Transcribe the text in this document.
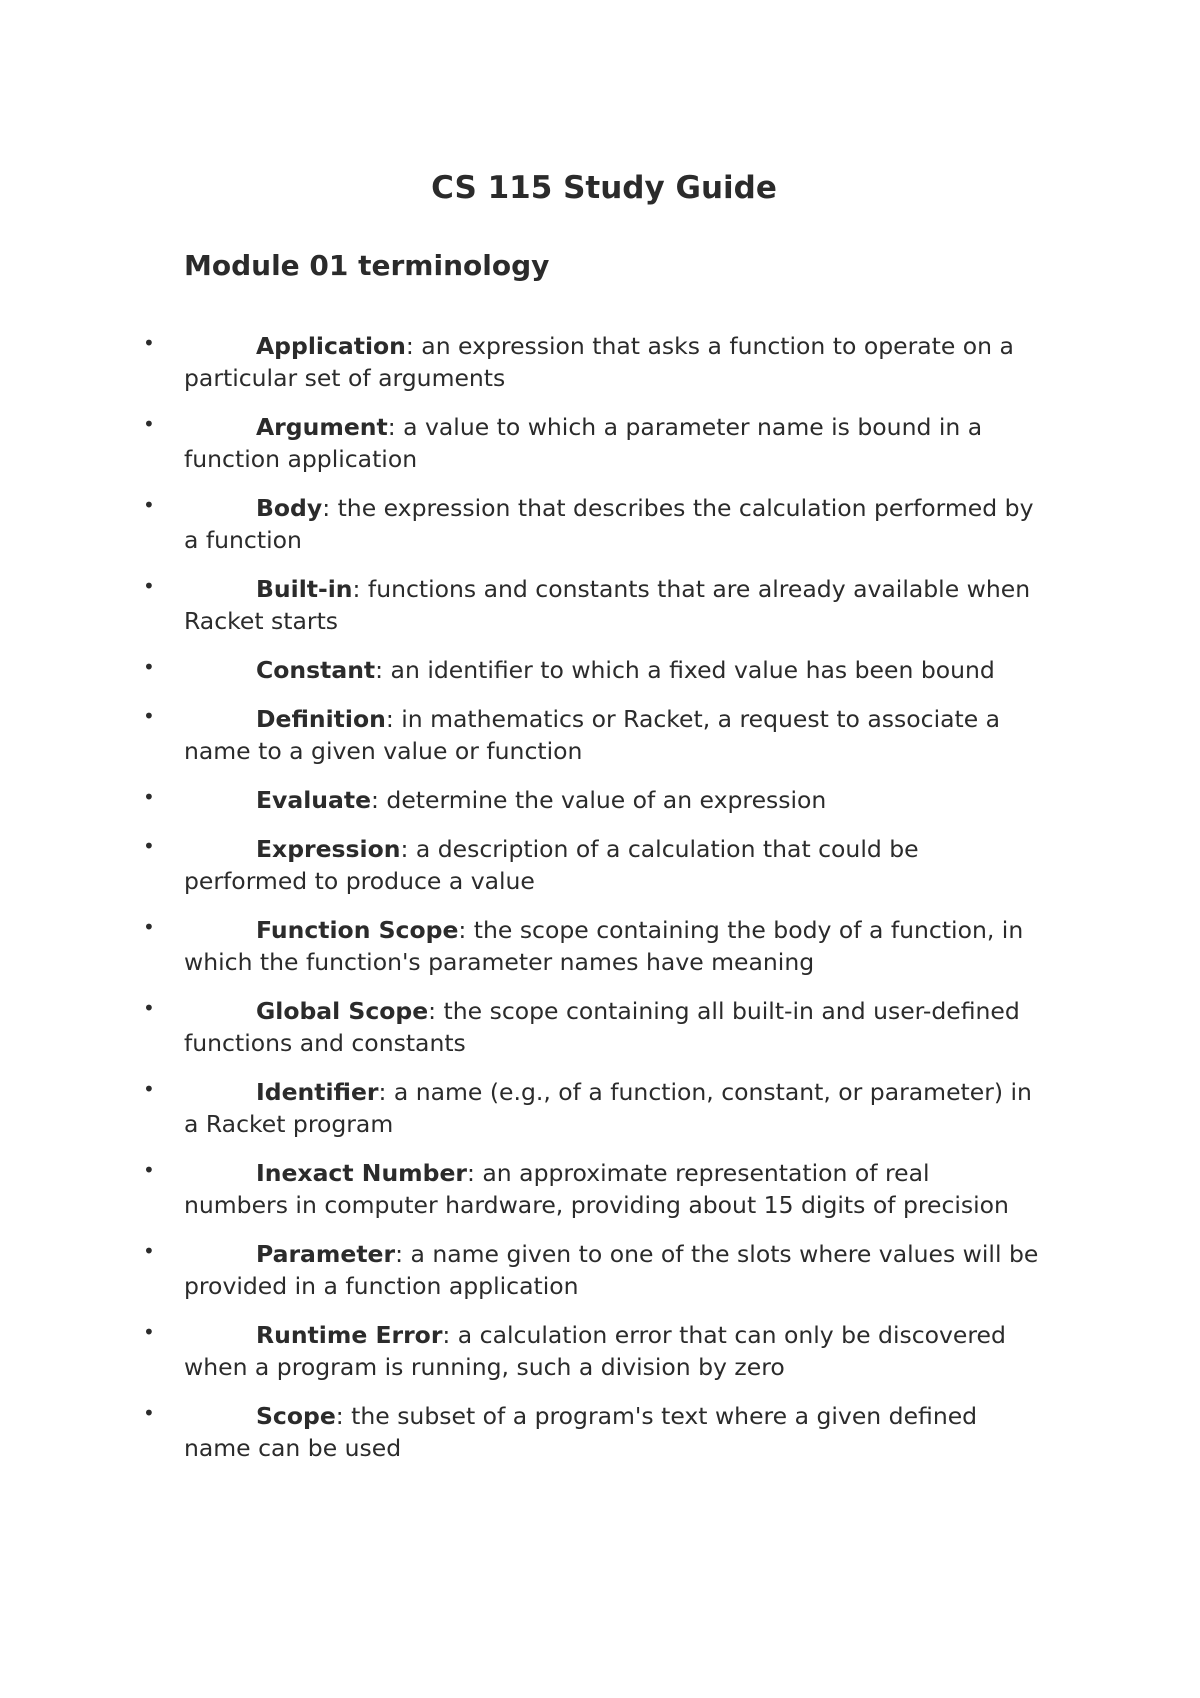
CS 115 Study Guide
Module 01 terminology
•	Application: an expression that asks a function to operate on a particular set of arguments
•	Argument: a value to which a parameter name is bound in a function application
•	Body: the expression that describes the calculation performed by a function
•	Built-in: functions and constants that are already available when Racket starts
•	Constant: an identifier to which a fixed value has been bound
•	Definition: in mathematics or Racket, a request to associate a name to a given value or function
•	Evaluate: determine the value of an expression
•	Expression: a description of a calculation that could be performed to produce a value
•	Function Scope: the scope containing the body of a function, in which the function's parameter names have meaning
•	Global Scope: the scope containing all built-in and user-defined functions and constants
•	Identifier: a name (e.g., of a function, constant, or parameter) in a Racket program
•	Inexact Number: an approximate representation of real numbers in computer hardware, providing about 15 digits of precision
•	Parameter: a name given to one of the slots where values will be provided in a function application
•	Runtime Error: a calculation error that can only be discovered when a program is running, such a division by zero
•	Scope: the subset of a program's text where a given defined name can be used
